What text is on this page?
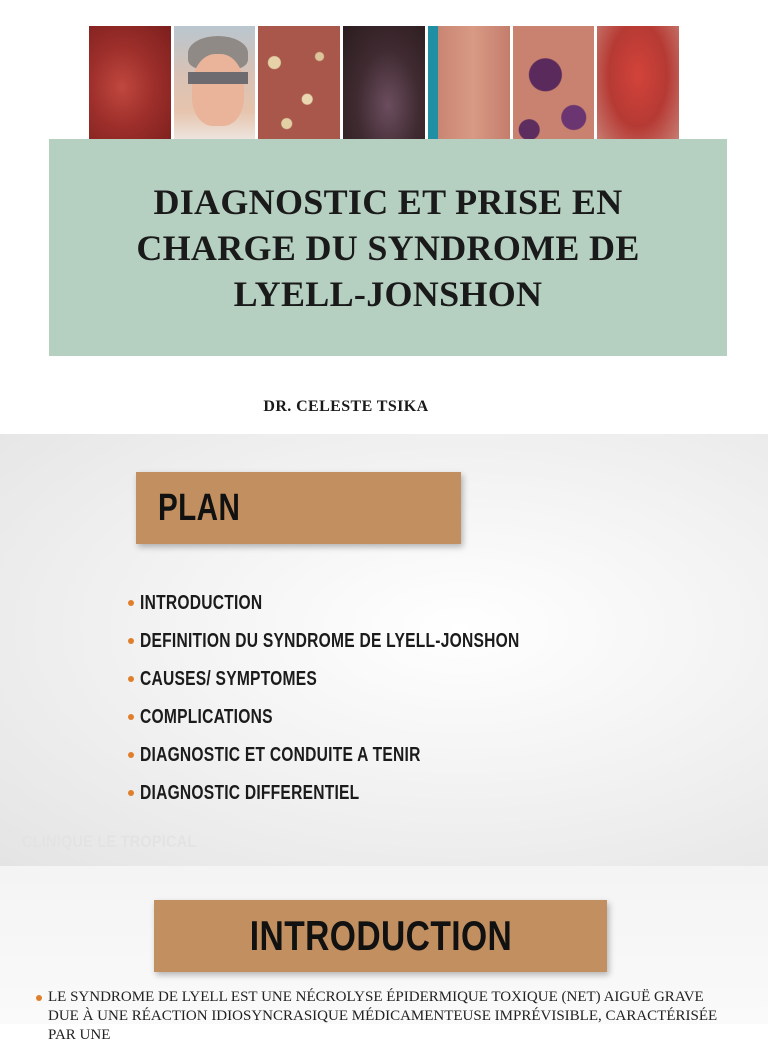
DIAGNOSTIC ET PRISE EN CHARGE DU SYNDROME DE LYELL-JONSHON
DR. CELESTE TSIKA
PLAN
INTRODUCTION
DEFINITION DU SYNDROME DE LYELL-JONSHON
CAUSES/ SYMPTOMES
COMPLICATIONS
DIAGNOSTIC ET CONDUITE A TENIR
DIAGNOSTIC DIFFERENTIEL
CLINIQUE LE TROPICAL
INTRODUCTION

LE SYNDROME DE LYELL EST UNE NÉCROLYSE ÉPIDERMIQUE TOXIQUE (NET) AIGUË GRAVE DUE À UNE RÉACTION IDIOSYNCRASIQUE MÉDICAMENTEUSE IMPRÉVISIBLE, CARACTÉRISÉE PAR UNE
